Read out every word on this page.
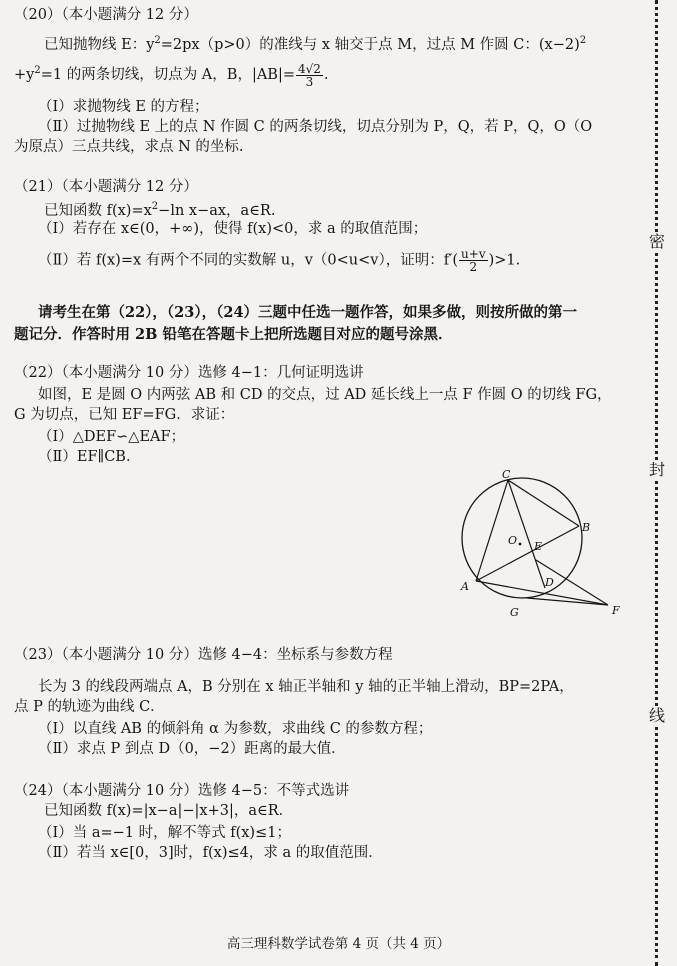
（20）（本小题满分 12 分）
已知抛物线 E：$y^2=2px(p>0)$的准线与 x 轴交于点 M，过点 M 作圆 C：$(x-2)^2$
$+y^2=1$ 的两条切线，切点为 A，B，$|AB|= \frac{4√2}{3}$ .
（Ⅰ）求抛物线 E 的方程；
（Ⅱ）过抛物线 E 上的点 N 作圆 C 的两条切线，切点分别为 P，Q，若 P，Q，O（O
为原点）三点共线，求点 N 的坐标.
（21）（本小题满分 12 分）
已知函数 $f(x)=x^2-\ln$ x−ax，a∈R.
（Ⅰ）若存在 x∈(0，+∞)，使得 f(x)<0，求 a 的取值范围；
（Ⅱ）若 f(x)=x 有两个不同的实数解 u，v（0<u<v），证明：$f'( \frac{u+v}{2} )>1$.
请考生在第（22），（23），（24）三题中任选一题作答，如果多做，则按所做的第一
题记分．作答时用 2B 铅笔在答题卡上把所选题目对应的题号涂黑．
（22）（本小题满分 10 分）选修 4−1：几何证明选讲
如图，E 是圆 O 内两弦 AB 和 CD 的交点，过 AD 延长线上一点 F 作圆 O 的切线 FG，
G 为切点，已知 EF=FG．求证：
（Ⅰ）△DEF∽△EAF；
（Ⅱ）EF∥CB．
C
B
O E
A	D
G	F
（23）（本小题满分 10 分）选修 4−4：坐标系与参数方程
长为 3 的线段两端点 A，B 分别在 x 轴正半轴和 y 轴的正半轴上滑动，BP=2PA，
点 P 的轨迹为曲线 C．
（Ⅰ）以直线 AB 的倾斜角 α 为参数，求曲线 C 的参数方程；
（Ⅱ）求点 P 到点 D（0，−2）距离的最大值．
（24）（本小题满分 10 分）选修 4−5：不等式选讲
已知函数 f(x)=|x−a|−|x+3|，a∈R．
（Ⅰ）当 a=−1 时，解不等式 f(x)≤1；
（Ⅱ）若当 x∈[0，3]时，f(x)≤4，求 a 的取值范围．
密
封
线
高三理科数学试卷第 4 页（共 4 页）
